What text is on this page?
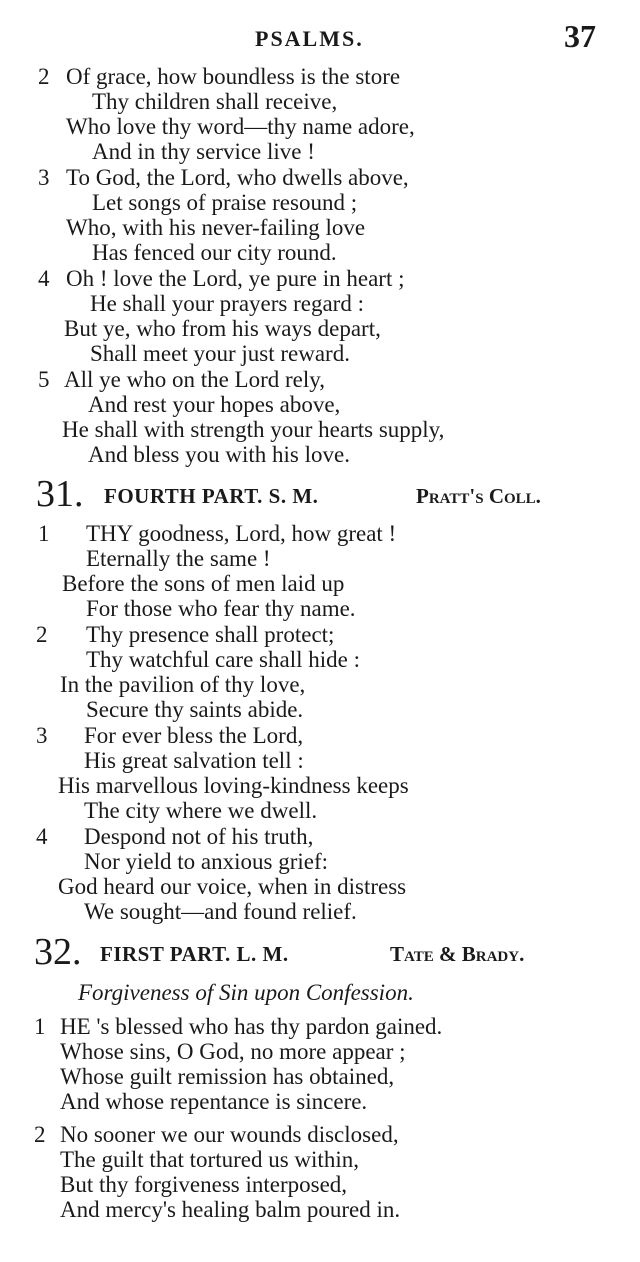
PSALMS.	37
2 Of grace, how boundless is the store
Thy children shall receive,
Who love thy word—thy name adore,
And in thy service live !
3 To God, the Lord, who dwells above,
Let songs of praise resound ;
Who, with his never-failing love
Has fenced our city round.
4 Oh ! love the Lord, ye pure in heart ;
He shall your prayers regard :
But ye, who from his ways depart,
Shall meet your just reward.
5 All ye who on the Lord rely,
And rest your hopes above,
He shall with strength your hearts supply,
And bless you with his love.
31. FOURTH PART. S. M.	Pratt's Coll.
1 THY goodness, Lord, how great !
Eternally the same !
Before the sons of men laid up
For those who fear thy name.
2 Thy presence shall protect;
Thy watchful care shall hide :
In the pavilion of thy love,
Secure thy saints abide.
3 For ever bless the Lord,
His great salvation tell :
His marvellous loving-kindness keeps
The city where we dwell.
4 Despond not of his truth,
Nor yield to anxious grief:
God heard our voice, when in distress
We sought—and found relief.
32. FIRST PART. L. M.	Tate & Brady.
Forgiveness of Sin upon Confession.
1 HE 's blessed who has thy pardon gained.
Whose sins, O God, no more appear ;
Whose guilt remission has obtained,
And whose repentance is sincere.
2 No sooner we our wounds disclosed,
The guilt that tortured us within,
But thy forgiveness interposed,
And mercy's healing balm poured in.
